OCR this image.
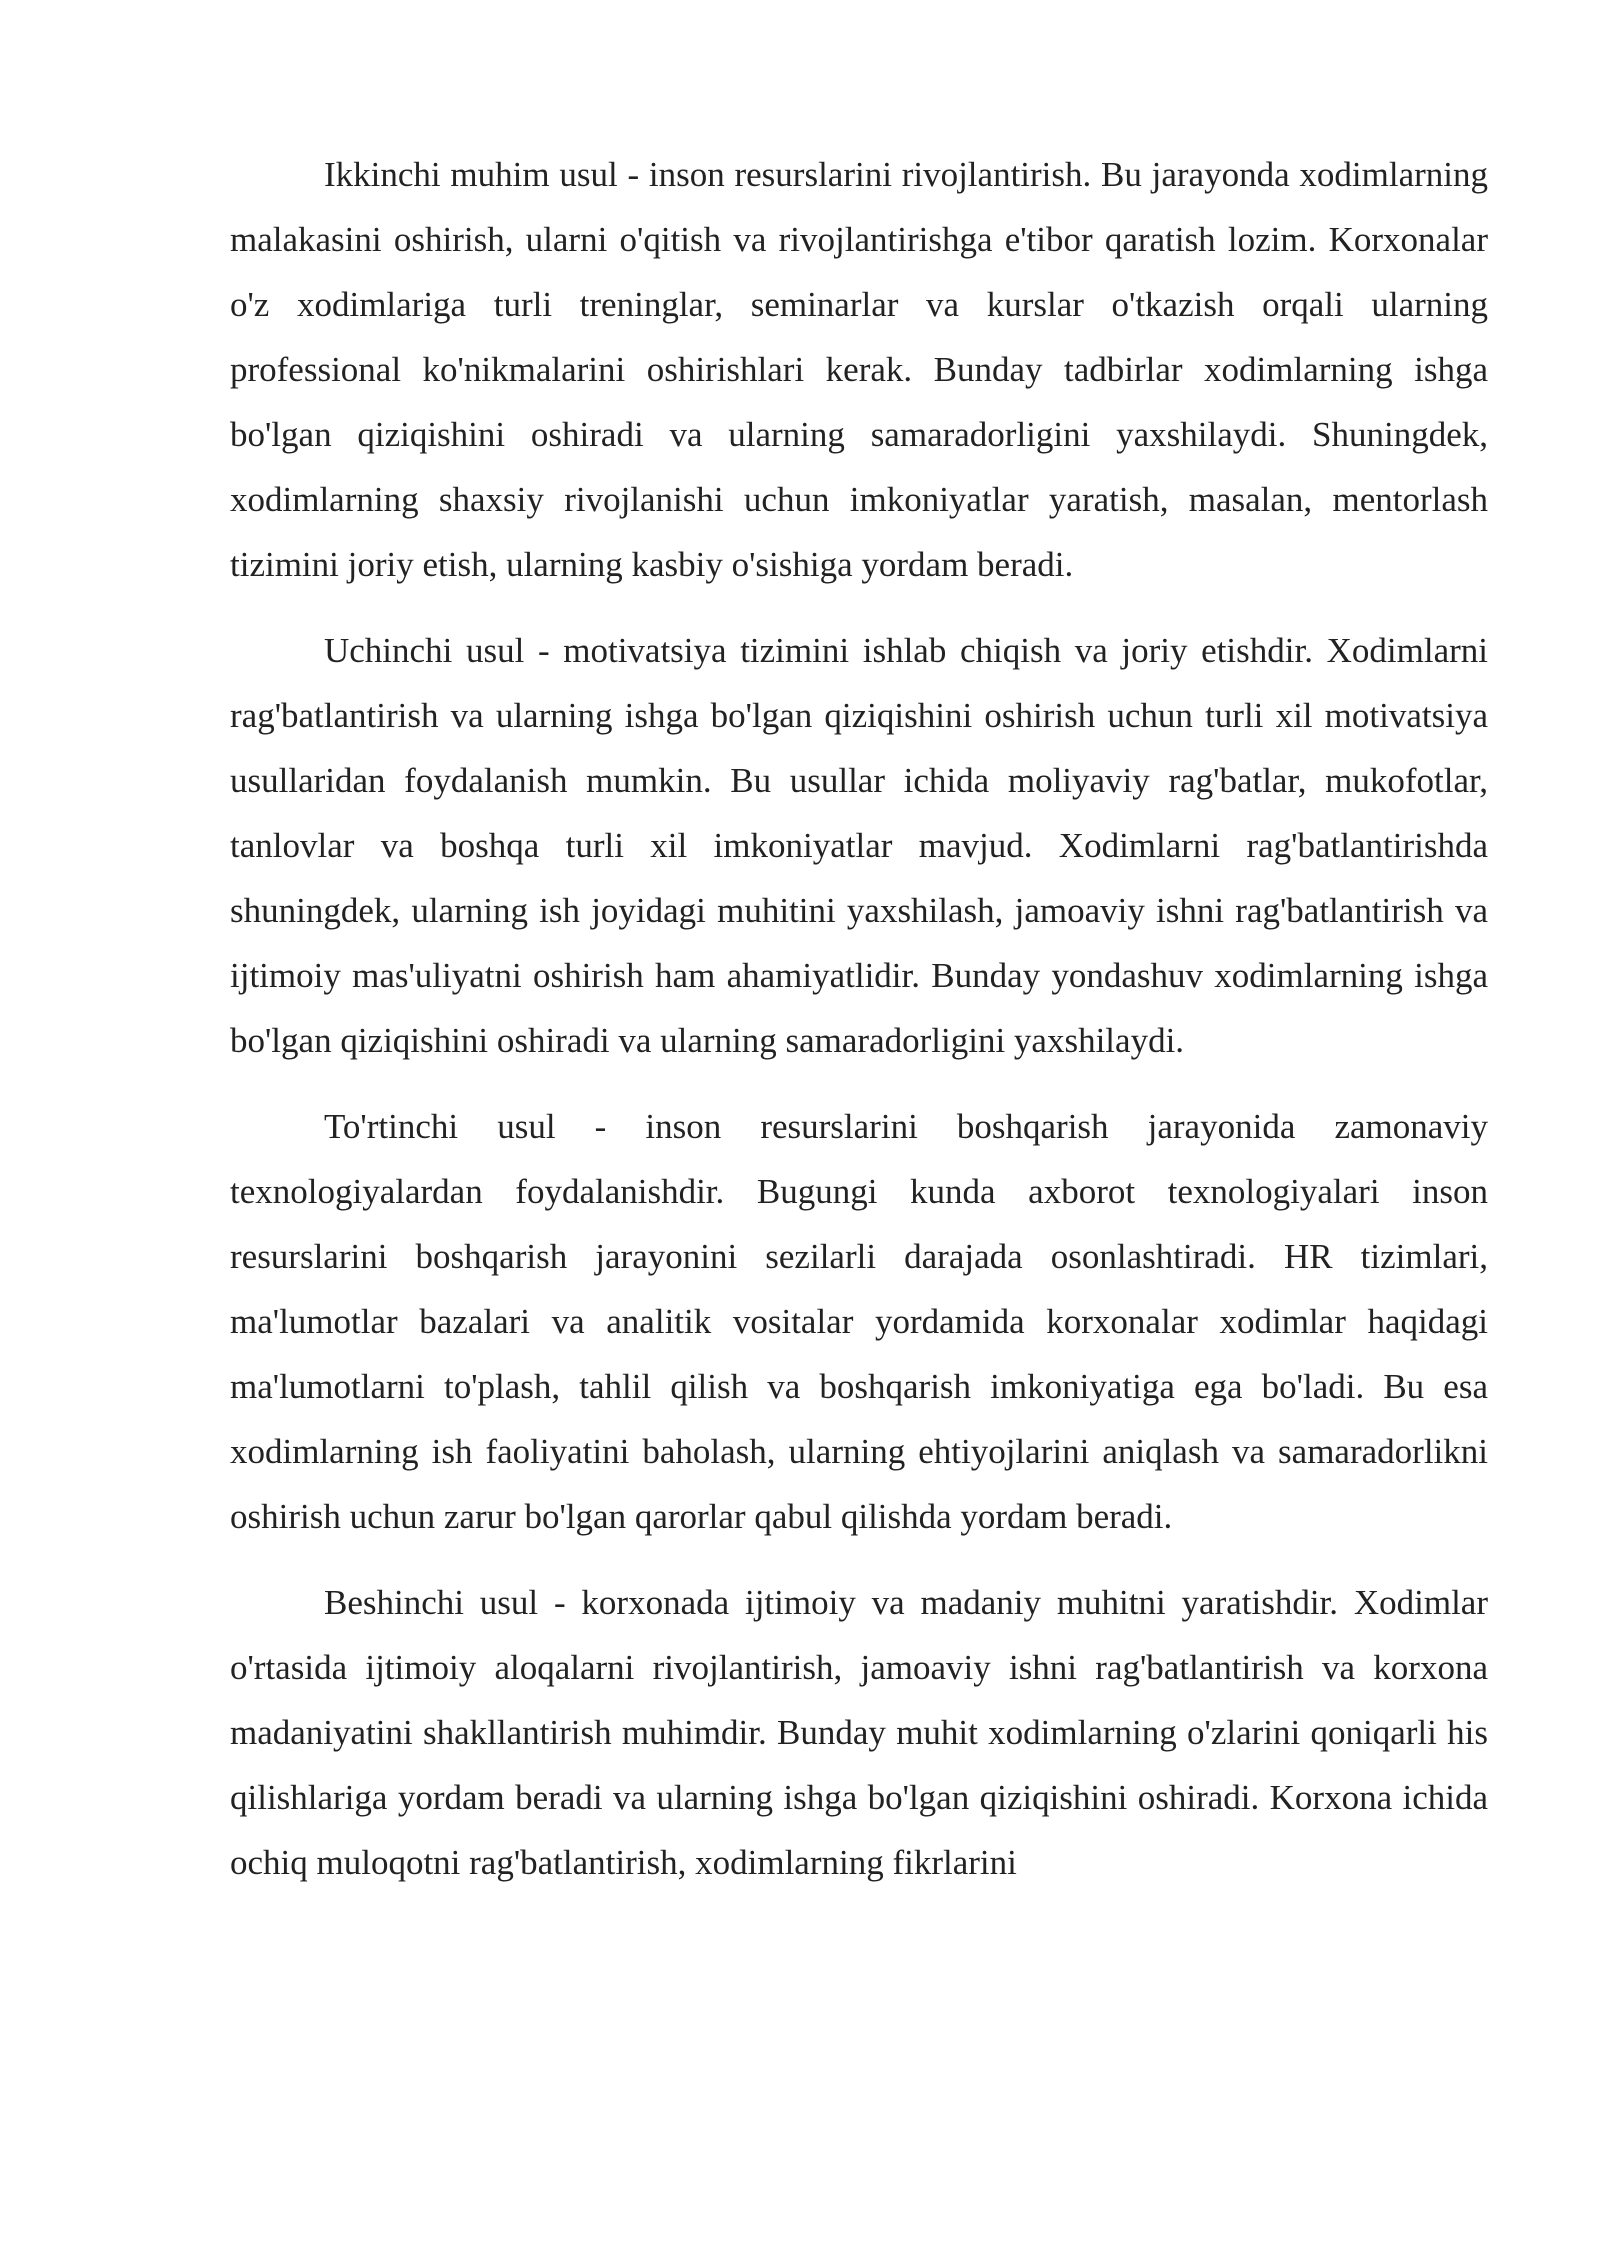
Ikkinchi muhim usul - inson resurslarini rivojlantirish. Bu jarayonda xodimlarning malakasini oshirish, ularni o'qitish va rivojlantirishga e'tibor qaratish lozim. Korxonalar o'z xodimlariga turli treninglar, seminarlar va kurslar o'tkazish orqali ularning professional ko'nikmalarini oshirishlari kerak. Bunday tadbirlar xodimlarning ishga bo'lgan qiziqishini oshiradi va ularning samaradorligini yaxshilaydi. Shuningdek, xodimlarning shaxsiy rivojlanishi uchun imkoniyatlar yaratish, masalan, mentorlash tizimini joriy etish, ularning kasbiy o'sishiga yordam beradi.

Uchinchi usul - motivatsiya tizimini ishlab chiqish va joriy etishdir. Xodimlarni rag'batlantirish va ularning ishga bo'lgan qiziqishini oshirish uchun turli xil motivatsiya usullaridan foydalanish mumkin. Bu usullar ichida moliyaviy rag'batlar, mukofotlar, tanlovlar va boshqa turli xil imkoniyatlar mavjud. Xodimlarni rag'batlantirishda shuningdek, ularning ish joyidagi muhitini yaxshilash, jamoaviy ishni rag'batlantirish va ijtimoiy mas'uliyatni oshirish ham ahamiyatlidir. Bunday yondashuv xodimlarning ishga bo'lgan qiziqishini oshiradi va ularning samaradorligini yaxshilaydi.

To'rtinchi usul - inson resurslarini boshqarish jarayonida zamonaviy texnologiyalardan foydalanishdir. Bugungi kunda axborot texnologiyalari inson resurslarini boshqarish jarayonini sezilarli darajada osonlashtiradi. HR tizimlari, ma'lumotlar bazalari va analitik vositalar yordamida korxonalar xodimlar haqidagi ma'lumotlarni to'plash, tahlil qilish va boshqarish imkoniyatiga ega bo'ladi. Bu esa xodimlarning ish faoliyatini baholash, ularning ehtiyojlarini aniqlash va samaradorlikni oshirish uchun zarur bo'lgan qarorlar qabul qilishda yordam beradi.

Beshinchi usul - korxonada ijtimoiy va madaniy muhitni yaratishdir. Xodimlar o'rtasida ijtimoiy aloqalarni rivojlantirish, jamoaviy ishni rag'batlantirish va korxona madaniyatini shakllantirish muhimdir. Bunday muhit xodimlarning o'zlarini qoniqarli his qilishlariga yordam beradi va ularning ishga bo'lgan qiziqishini oshiradi. Korxona ichida ochiq muloqotni rag'batlantirish, xodimlarning fikrlarini
